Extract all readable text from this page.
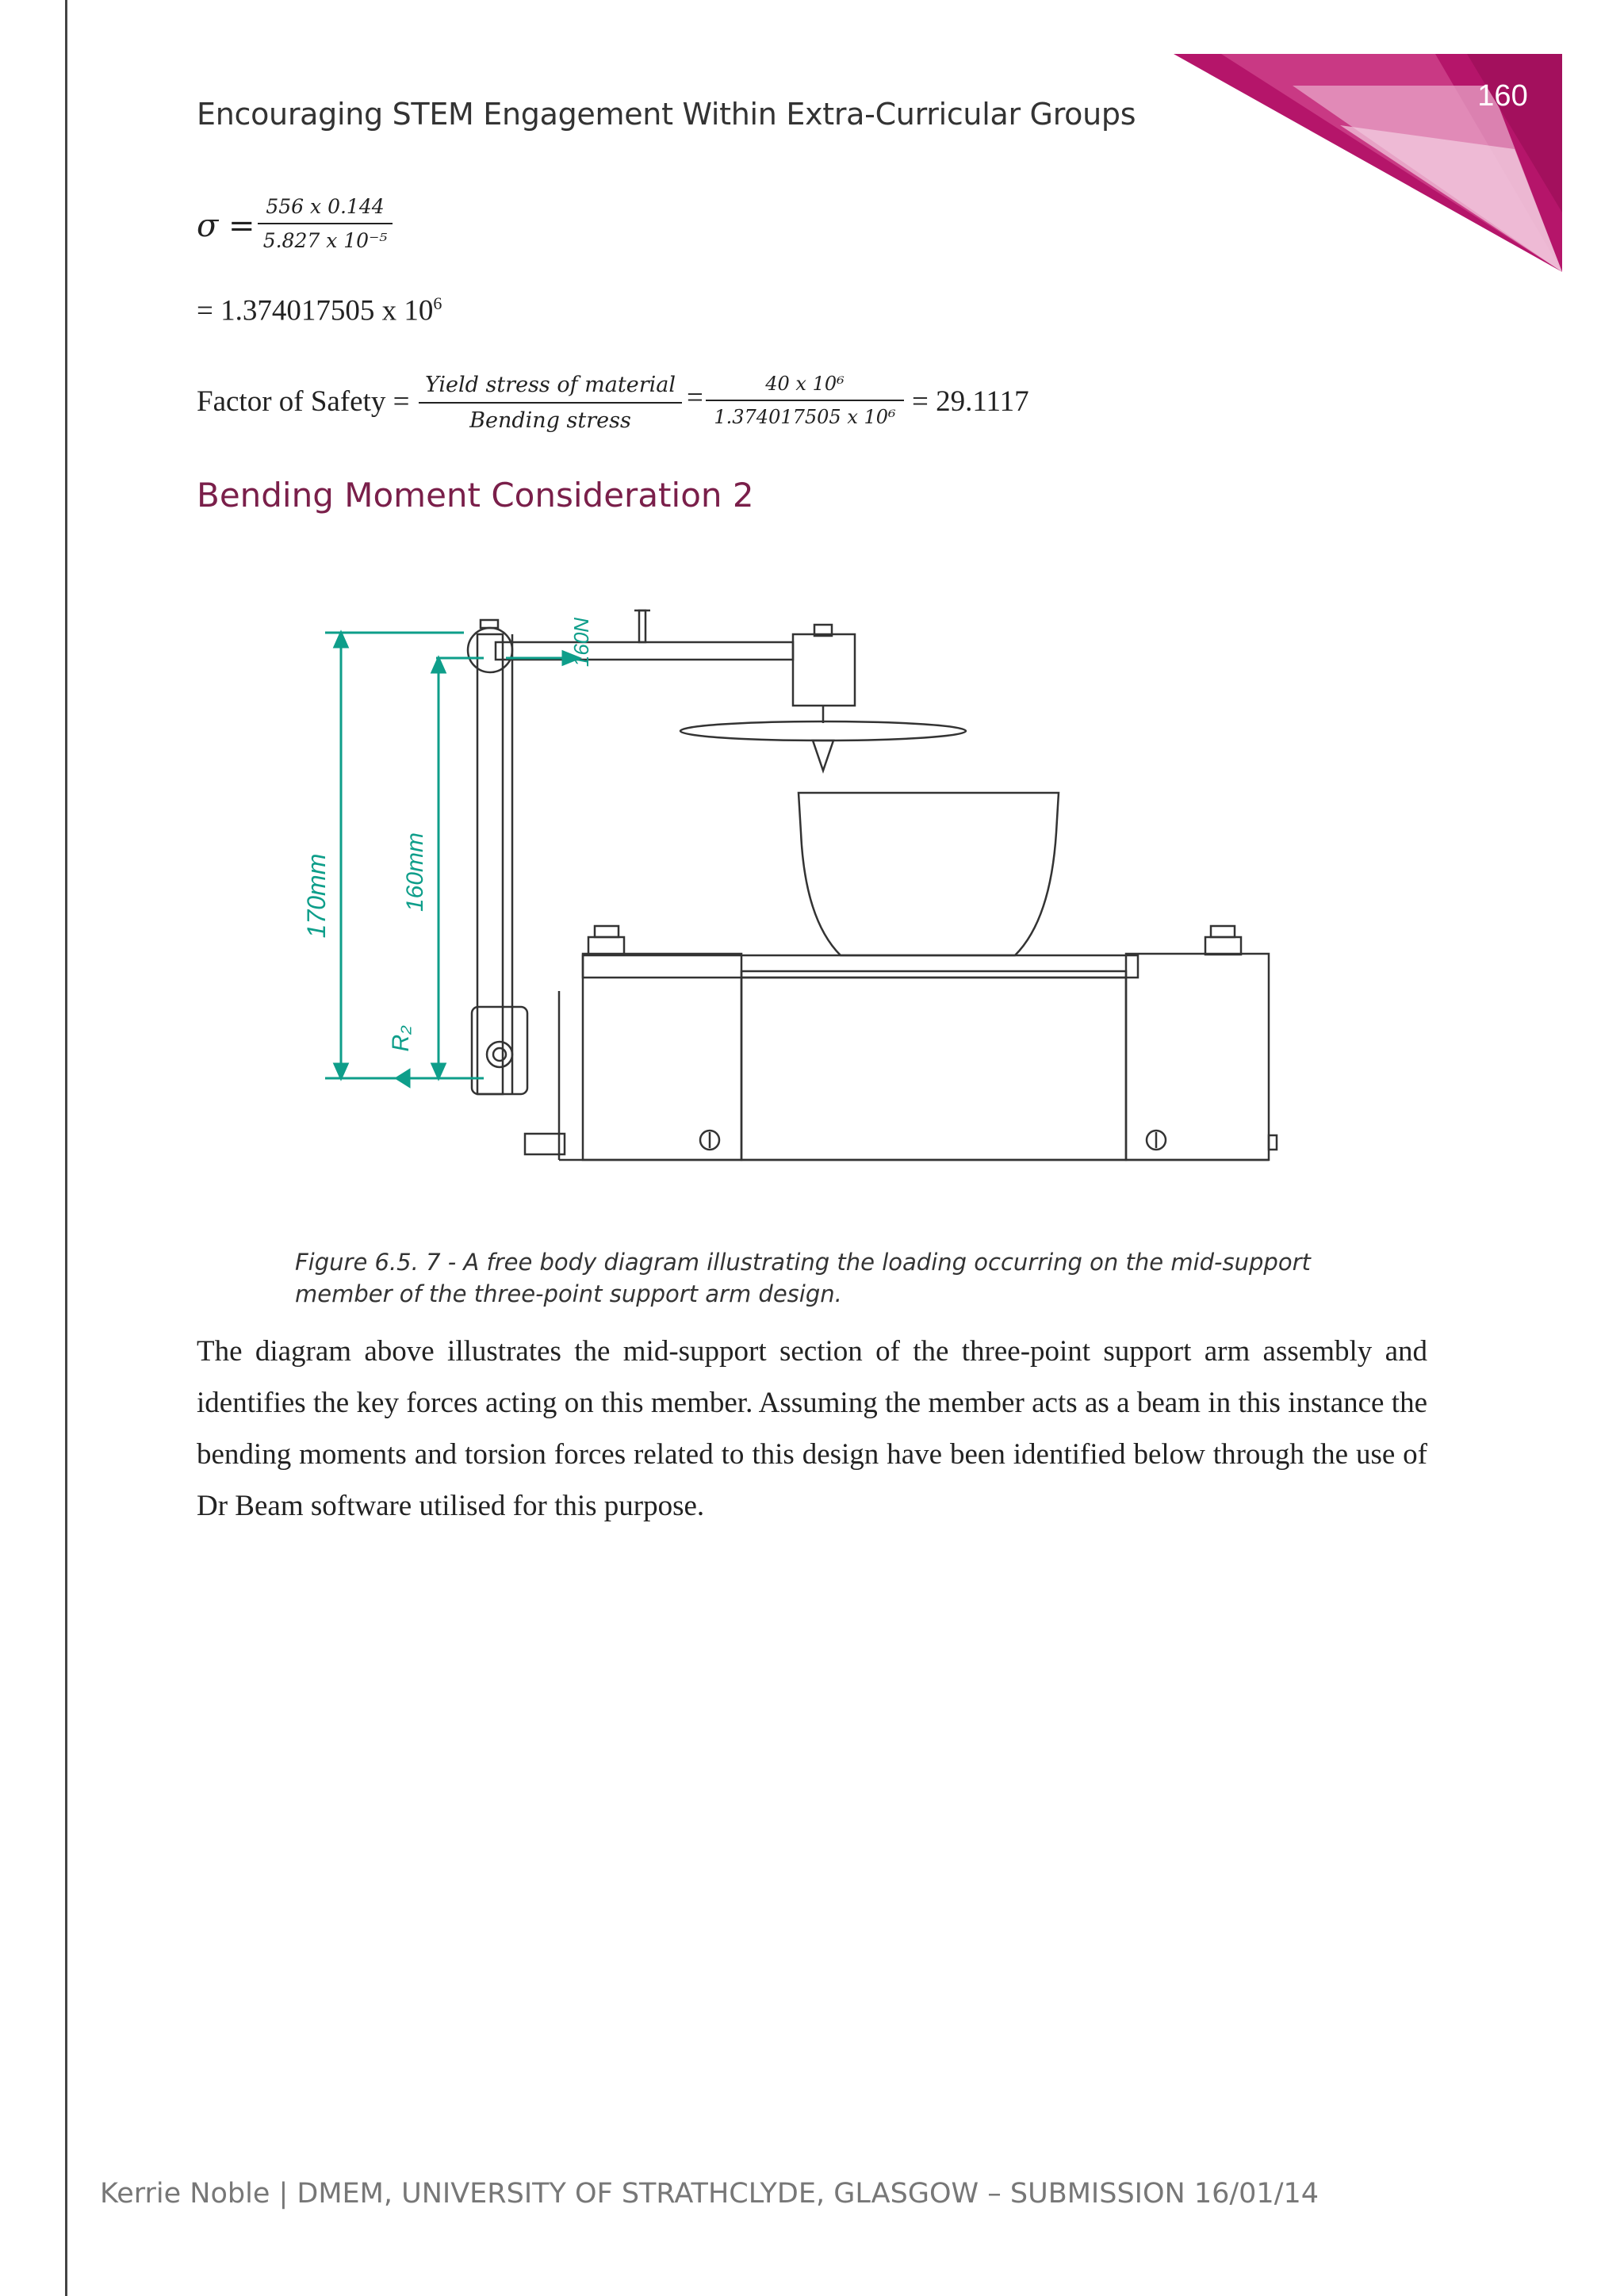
160
Encouraging STEM Engagement Within Extra-Curricular Groups
σ =
556 x 0.144
5.827 x 10⁻⁵
= 1.374017505 x $10^6$
Factor of Safety =
Yield stress of material
Bending stress
=	40 x 10⁶
1.374017505 x 10⁶ = 29.1117
Bending Moment Consideration 2
170mm	160mm
R₂
160N
Figure 6.5. 7 - A free body diagram illustrating the loading occurring on the mid-support member of the three-point support arm design.

The diagram above illustrates the mid-support section of the three-point support arm assembly and identifies the key forces acting on this member. Assuming the member acts as a beam in this instance the bending moments and torsion forces related to this design have been identified below through the use of Dr Beam software utilised for this purpose.

Kerrie Noble | DMEM, UNIVERSITY OF STRATHCLYDE, GLASGOW – SUBMISSION 16/01/14
